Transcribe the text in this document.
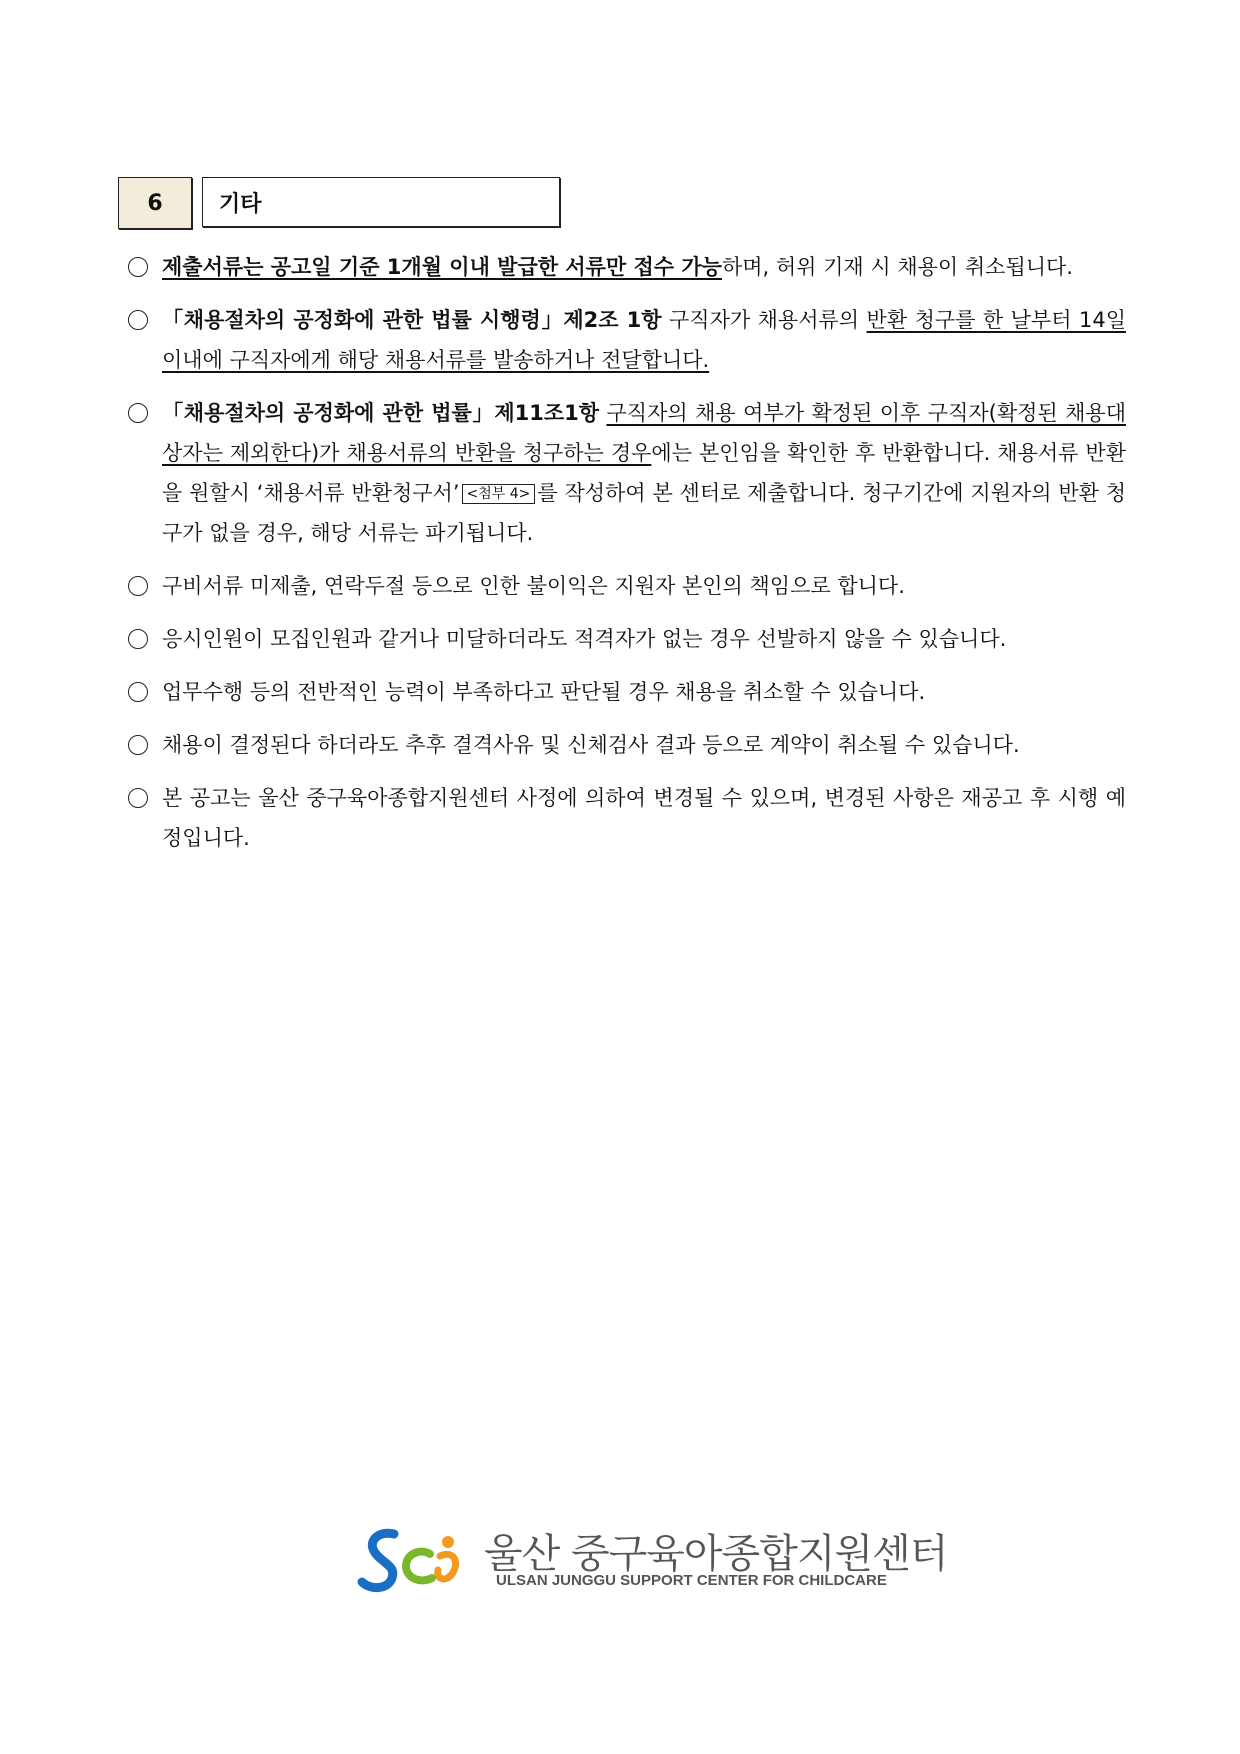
6	기타
제출서류는 공고일 기준 1개월 이내 발급한 서류만 접수 가능하며, 허위 기재 시 채용이 취소됩니다.
「채용절차의 공정화에 관한 법률 시행령」제2조 1항 구직자가 채용서류의 반환 청구를 한 날부터 14일 이내에 구직자에게 해당 채용서류를 발송하거나 전달합니다.
「채용절차의 공정화에 관한 법률」제11조1항 구직자의 채용 여부가 확정된 이후 구직자(확정된 채용대상자는 제외한다)가 채용서류의 반환을 청구하는 경우에는 본인임을 확인한 후 반환합니다. 채용서류 반환을 원할시 ‘채용서류 반환청구서’ <첨부 4> 를 작성하여 본 센터로 제출합니다. 청구기간에 지원자의 반환 청구가 없을 경우, 해당 서류는 파기됩니다.
구비서류 미제출, 연락두절 등으로 인한 불이익은 지원자 본인의 책임으로 합니다.
응시인원이 모집인원과 같거나 미달하더라도 적격자가 없는 경우 선발하지 않을 수 있습니다.
업무수행 등의 전반적인 능력이 부족하다고 판단될 경우 채용을 취소할 수 있습니다.
채용이 결정된다 하더라도 추후 결격사유 및 신체검사 결과 등으로 계약이 취소될 수 있습니다.
본 공고는 울산 중구육아종합지원센터 사정에 의하여 변경될 수 있으며, 변경된 사항은 재공고 후 시행 예정입니다.
울산 중구육아종합지원센터
ULSAN JUNGGU SUPPORT CENTER FOR CHILDCARE
